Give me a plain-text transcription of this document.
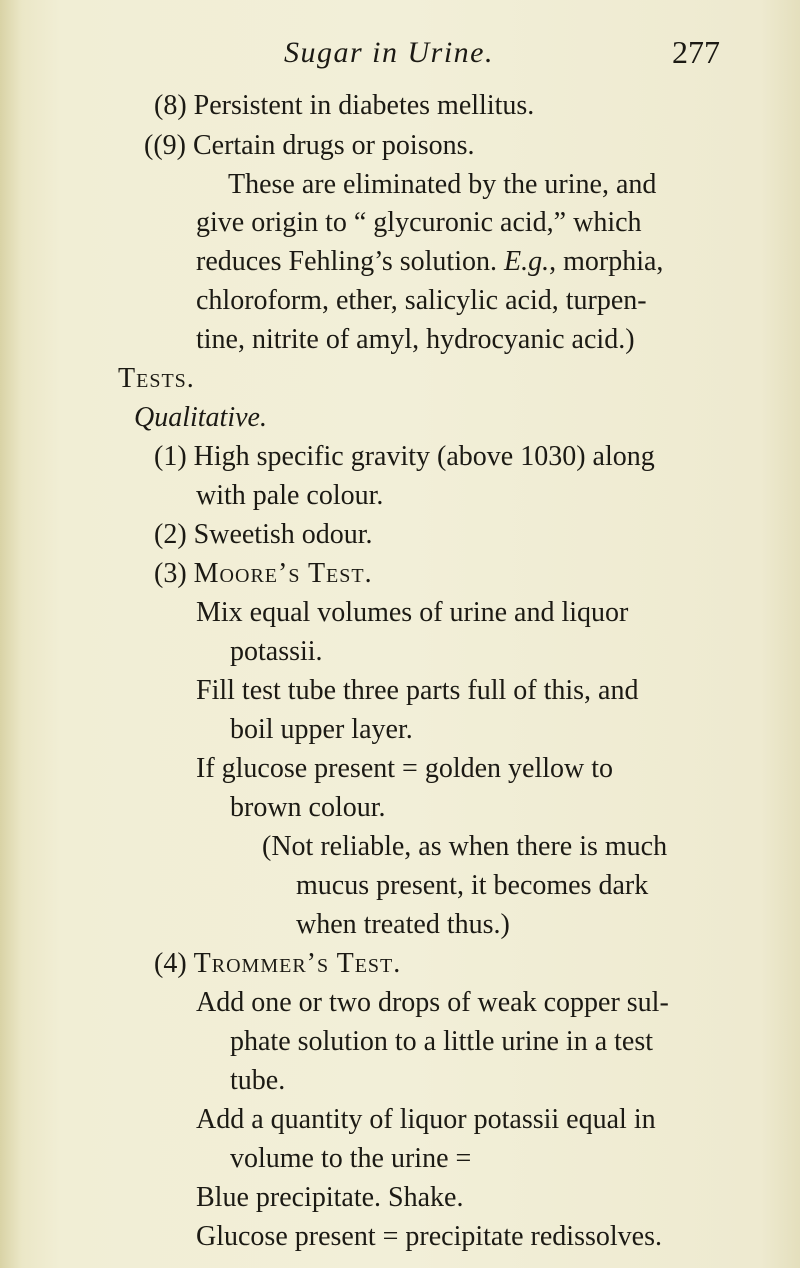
Sugar in Urine.	277
(8) Persistent in diabetes mellitus.
((9) Certain drugs or poisons.
These are eliminated by the urine, and
give origin to “ glycuronic acid,” which
reduces Fehling’s solution. E.g., morphia,
chloroform, ether, salicylic acid, turpen-
tine, nitrite of amyl, hydrocyanic acid.)
Tests.
Qualitative.
(1) High specific gravity (above 1030) along
with pale colour.
(2) Sweetish odour.
(3) Moore’s Test.
Mix equal volumes of urine and liquor
potassii.
Fill test tube three parts full of this, and
boil upper layer.
If glucose present = golden yellow to
brown colour.
(Not reliable, as when there is much
mucus present, it becomes dark
when treated thus.)
(4) Trommer’s Test.
Add one or two drops of weak copper sul-
phate solution to a little urine in a test
tube.
Add a quantity of liquor potassii equal in
volume to the urine =
Blue precipitate. Shake.
Glucose present = precipitate redissolves.
